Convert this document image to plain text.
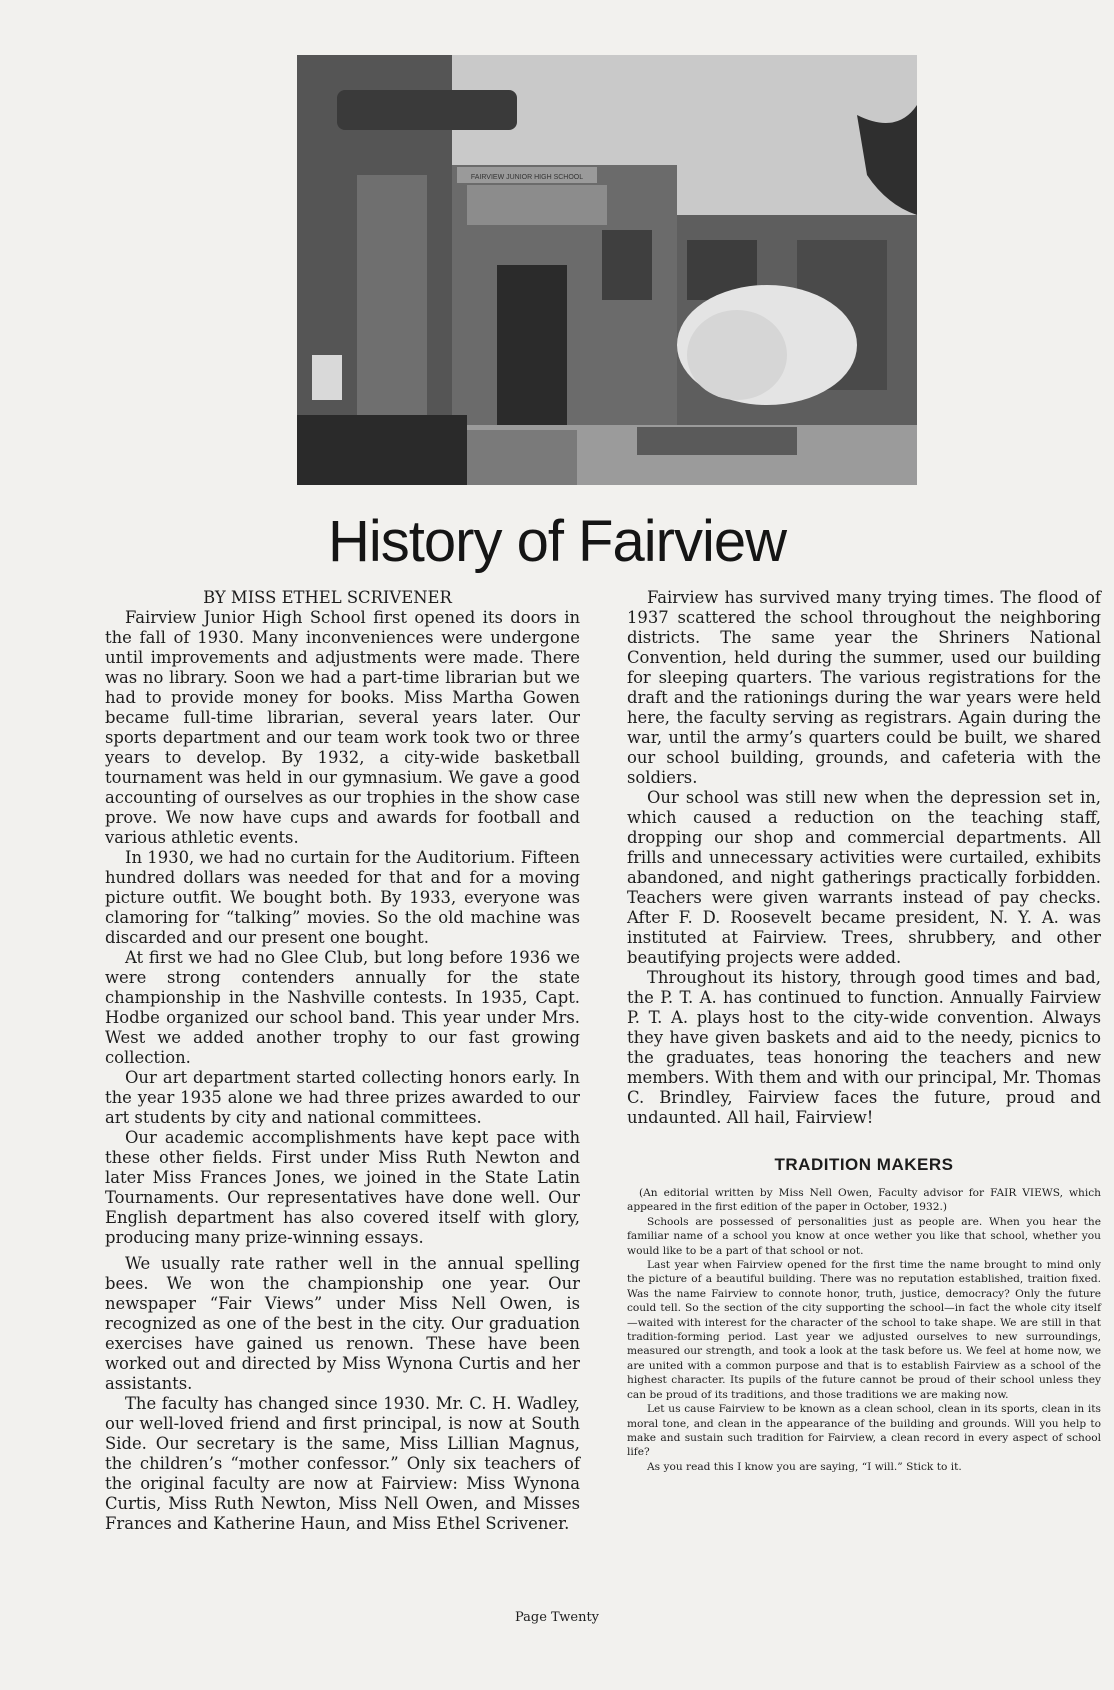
FAIRVIEW JUNIOR HIGH SCHOOL
History of Fairview
BY MISS ETHEL SCRIVENER

Fairview Junior High School first opened its doors in the fall of 1930. Many inconveniences were undergone until improvements and adjustments were made. There was no library. Soon we had a part-time librarian but we had to provide money for books. Miss Martha Gowen became full-time librarian, several years later. Our sports department and our team work took two or three years to develop. By 1932, a city-wide basketball tournament was held in our gymnasium. We gave a good accounting of ourselves as our trophies in the show case prove. We now have cups and awards for football and various athletic events.

In 1930, we had no curtain for the Auditorium. Fifteen hundred dollars was needed for that and for a moving picture outfit. We bought both. By 1933, everyone was clamoring for “talking” movies. So the old machine was discarded and our present one bought.

At first we had no Glee Club, but long before 1936 we were strong contenders annually for the state championship in the Nashville contests. In 1935, Capt. Hodbe organized our school band. This year under Mrs. West we added another trophy to our fast growing collection.

Our art department started collecting honors early. In the year 1935 alone we had three prizes awarded to our art students by city and national committees.

Our academic accomplishments have kept pace with these other fields. First under Miss Ruth Newton and later Miss Frances Jones, we joined in the State Latin Tournaments. Our representatives have done well. Our English department has also covered itself with glory, producing many prize-winning essays.

We usually rate rather well in the annual spelling bees. We won the championship one year. Our newspaper “Fair Views” under Miss Nell Owen, is recognized as one of the best in the city. Our graduation exercises have gained us renown. These have been worked out and directed by Miss Wynona Curtis and her assistants.

The faculty has changed since 1930. Mr. C. H. Wadley, our well-loved friend and first principal, is now at South Side. Our secretary is the same, Miss Lillian Magnus, the children’s “mother confessor.” Only six teachers of the original faculty are now at Fairview: Miss Wynona Curtis, Miss Ruth Newton, Miss Nell Owen, and Misses Frances and Katherine Haun, and Miss Ethel Scrivener.

Fairview has survived many trying times. The flood of 1937 scattered the school throughout the neighboring districts. The same year the Shriners National Convention, held during the summer, used our building for sleeping quarters. The various registrations for the draft and the rationings during the war years were held here, the faculty serving as registrars. Again during the war, until the army’s quarters could be built, we shared our school building, grounds, and cafeteria with the soldiers.

Our school was still new when the depression set in, which caused a reduction on the teaching staff, dropping our shop and commercial departments. All frills and unnecessary activities were curtailed, exhibits abandoned, and night gatherings practically forbidden. Teachers were given warrants instead of pay checks. After F. D. Roosevelt became president, N. Y. A. was instituted at Fairview. Trees, shrubbery, and other beautifying projects were added.

Throughout its history, through good times and bad, the P. T. A. has continued to function. Annually Fairview P. T. A. plays host to the city-wide convention. Always they have given baskets and aid to the needy, picnics to the graduates, teas honoring the teachers and new members. With them and with our principal, Mr. Thomas C. Brindley, Fairview faces the future, proud and undaunted. All hail, Fairview!

TRADITION MAKERS

(An editorial written by Miss Nell Owen, Faculty advisor for FAIR VIEWS, which appeared in the first edition of the paper in October, 1932.)

Schools are possessed of personalities just as people are. When you hear the familiar name of a school you know at once wether you like that school, whether you would like to be a part of that school or not.

Last year when Fairview opened for the first time the name brought to mind only the picture of a beautiful building. There was no reputation established, traition fixed. Was the name Fairview to connote honor, truth, justice, democracy? Only the future could tell. So the section of the city supporting the school—in fact the whole city itself—waited with interest for the character of the school to take shape. We are still in that tradition-forming period. Last year we adjusted ourselves to new surroundings, measured our strength, and took a look at the task before us. We feel at home now, we are united with a common purpose and that is to establish Fairview as a school of the highest character. Its pupils of the future cannot be proud of their school unless they can be proud of its traditions, and those traditions we are making now.

Let us cause Fairview to be known as a clean school, clean in its sports, clean in its moral tone, and clean in the appearance of the building and grounds. Will you help to make and sustain such tradition for Fairview, a clean record in every aspect of school life?

As you read this I know you are saying, “I will.” Stick to it.

Page Twenty
